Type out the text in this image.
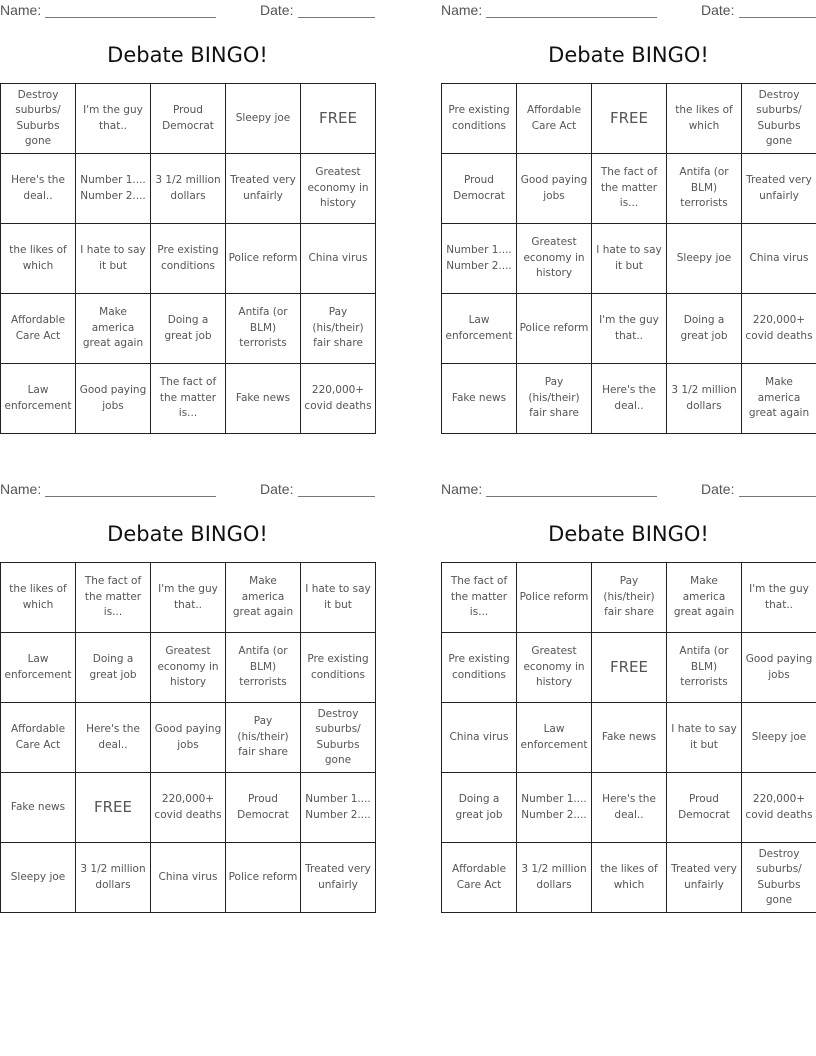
Name:	Date:
Debate BINGO!
Destroy suburbs/ Suburbs gone	I'm the guy that..	Proud Democrat	Sleepy joe	FREE
Here's the deal..	Number 1.... Number 2....	3 1/2 million dollars	Treated very unfairly	Greatest economy in history
the likes of which	I hate to say it but	Pre existing conditions	Police reform	China virus
Affordable Care Act	Make america great again	Doing a great job	Antifa (or BLM) terrorists	Pay (his/their) fair share
Law enforcement	Good paying jobs	The fact of the matter is...	Fake news	220,000+ covid deaths
Name:	Date:
Debate BINGO!
Pre existing conditions	Affordable Care Act	FREE	the likes of which	Destroy suburbs/ Suburbs gone
Proud Democrat	Good paying jobs	The fact of the matter is...	Antifa (or BLM) terrorists	Treated very unfairly
Number 1.... Number 2....	Greatest economy in history	I hate to say it but	Sleepy joe	China virus
Law enforcement	Police reform	I'm the guy that..	Doing a great job	220,000+ covid deaths
Fake news	Pay (his/their) fair share	Here's the deal..	3 1/2 million dollars	Make america great again
Name:	Date:
Debate BINGO!
the likes of which	The fact of the matter is...	I'm the guy that..	Make america great again	I hate to say it but
Law enforcement	Doing a great job	Greatest economy in history	Antifa (or BLM) terrorists	Pre existing conditions
Affordable Care Act	Here's the deal..	Good paying jobs	Pay (his/their) fair share	Destroy suburbs/ Suburbs gone
Fake news	FREE	220,000+ covid deaths	Proud Democrat	Number 1.... Number 2....
Sleepy joe	3 1/2 million dollars	China virus	Police reform	Treated very unfairly
Name:	Date:
Debate BINGO!
The fact of the matter is...	Police reform	Pay (his/their) fair share	Make america great again	I'm the guy that..
Pre existing conditions	Greatest economy in history	FREE	Antifa (or BLM) terrorists	Good paying jobs
China virus	Law enforcement	Fake news	I hate to say it but	Sleepy joe
Doing a great job	Number 1.... Number 2....	Here's the deal..	Proud Democrat	220,000+ covid deaths
Affordable Care Act	3 1/2 million dollars	the likes of which	Treated very unfairly	Destroy suburbs/ Suburbs gone
